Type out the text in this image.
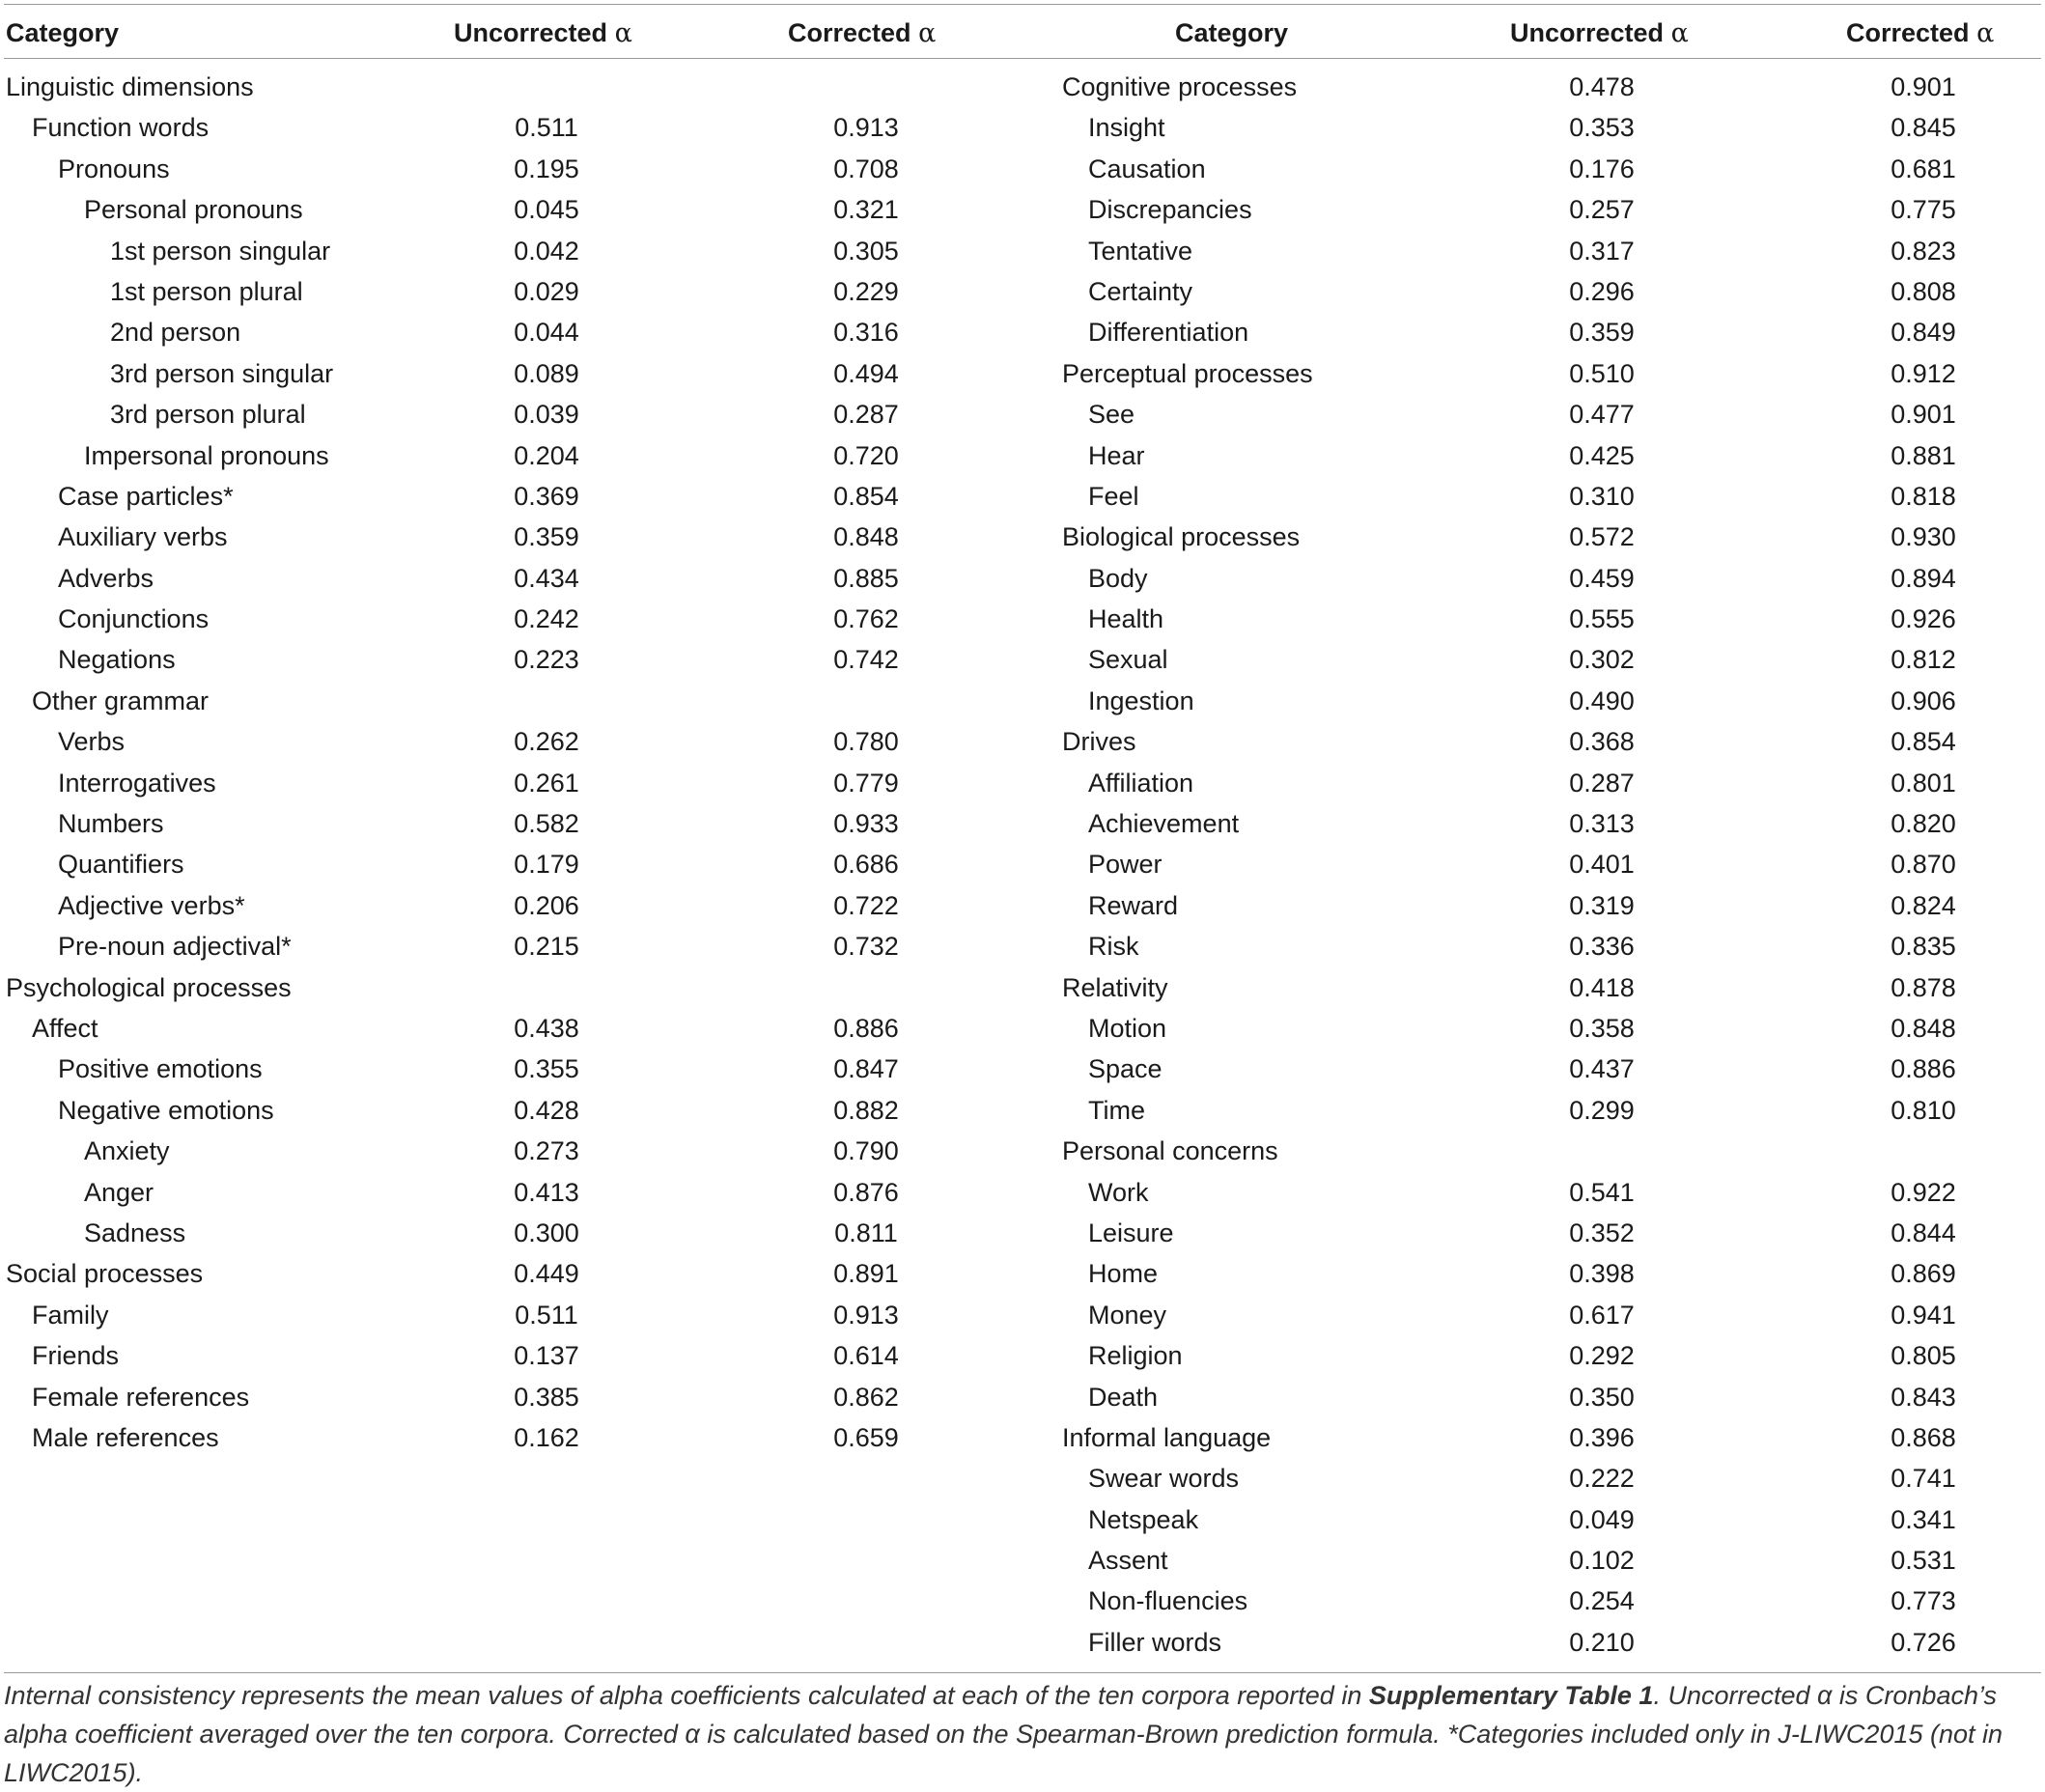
Category	Uncorrected α	Corrected α	Category	Uncorrected α	Corrected α
Linguistic dimensions
Function words	0.511	0.913
Pronouns	0.195	0.708
Personal pronouns	0.045	0.321
1st person singular	0.042	0.305
1st person plural	0.029	0.229
2nd person	0.044	0.316
3rd person singular	0.089	0.494
3rd person plural	0.039	0.287
Impersonal pronouns	0.204	0.720
Case particles*	0.369	0.854
Auxiliary verbs	0.359	0.848
Adverbs	0.434	0.885
Conjunctions	0.242	0.762
Negations	0.223	0.742
Other grammar
Verbs	0.262	0.780
Interrogatives	0.261	0.779
Numbers	0.582	0.933
Quantifiers	0.179	0.686
Adjective verbs*	0.206	0.722
Pre-noun adjectival*	0.215	0.732
Psychological processes
Affect	0.438	0.886
Positive emotions	0.355	0.847
Negative emotions	0.428	0.882
Anxiety	0.273	0.790
Anger	0.413	0.876
Sadness	0.300	0.811
Social processes	0.449	0.891
Family	0.511	0.913
Friends	0.137	0.614
Female references	0.385	0.862
Male references	0.162	0.659
Cognitive processes	0.478	0.901
Insight	0.353	0.845
Causation	0.176	0.681
Discrepancies	0.257	0.775
Tentative	0.317	0.823
Certainty	0.296	0.808
Differentiation	0.359	0.849
Perceptual processes	0.510	0.912
See	0.477	0.901
Hear	0.425	0.881
Feel	0.310	0.818
Biological processes	0.572	0.930
Body	0.459	0.894
Health	0.555	0.926
Sexual	0.302	0.812
Ingestion	0.490	0.906
Drives	0.368	0.854
Affiliation	0.287	0.801
Achievement	0.313	0.820
Power	0.401	0.870
Reward	0.319	0.824
Risk	0.336	0.835
Relativity	0.418	0.878
Motion	0.358	0.848
Space	0.437	0.886
Time	0.299	0.810
Personal concerns
Work	0.541	0.922
Leisure	0.352	0.844
Home	0.398	0.869
Money	0.617	0.941
Religion	0.292	0.805
Death	0.350	0.843
Informal language	0.396	0.868
Swear words	0.222	0.741
Netspeak	0.049	0.341
Assent	0.102	0.531
Non-fluencies	0.254	0.773
Filler words	0.210	0.726
Internal consistency represents the mean values of alpha coefficients calculated at each of the ten corpora reported in Supplementary Table 1. Uncorrected α is Cronbach’s alpha coefficient averaged over the ten corpora. Corrected α is calculated based on the Spearman-Brown prediction formula. *Categories included only in J-LIWC2015 (not in LIWC2015).
